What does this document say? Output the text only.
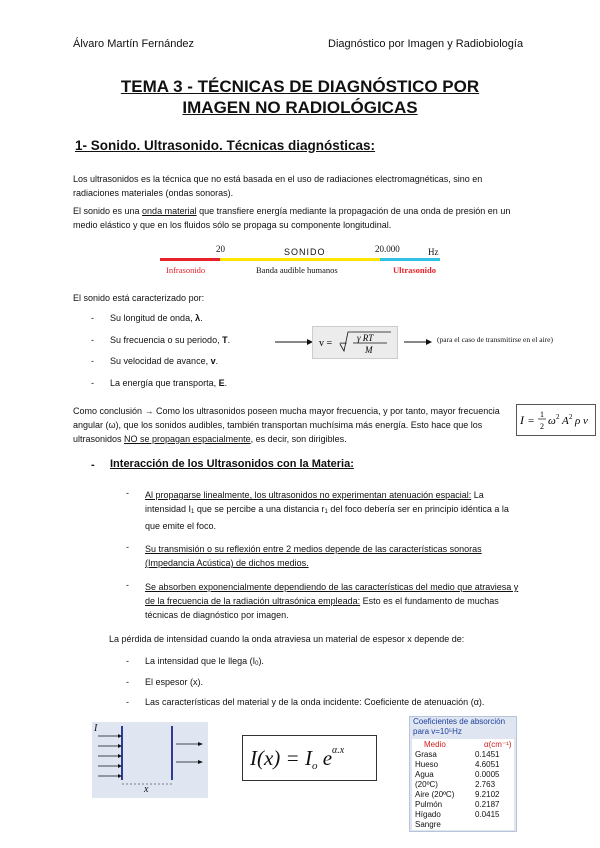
Álvaro Martín Fernández	Diagnóstico por Imagen y Radiobiología
TEMA 3 - TÉCNICAS DE DIAGNÓSTICO POR
IMAGEN NO RADIOLÓGICAS
1- Sonido. Ultrasonido. Técnicas diagnósticas:
Los ultrasonidos es la técnica que no está basada en el uso de radiaciones electromagnéticas, sino en radiaciones materiales (ondas sonoras).
El sonido es una onda material que transfiere energía mediante la propagación de una onda de presión en un medio elástico y que en los fluidos sólo se propaga su componente longitudinal.
20	SONIDO	20.000	Hz
Infrasonido	Banda audible humanos	Ultrasonido
El sonido está caracterizado por:
- Su longitud de onda, λ.
- Su frecuencia o su periodo, T.
- Su velocidad de avance, v.
- La energía que transporta, E.
v = − γ RT
M
(para el caso de transmitirse en el aire)
Como conclusión → Como los ultrasonidos poseen mucha mayor frecuencia, y por tanto, mayor frecuencia angular (ω), que los sonidos audibles, también transportan muchísima más energía. Esto hace que los ultrasonidos NO se propagan espacialmente, es decir, son dirigibles.
I =
1
2 ω 2 A 2 ρ v
- Interacción de los Ultrasonidos con la Materia:
- Al propagarse linealmente, los ultrasonidos no experimentan atenuación espacial: La intensidad I1 que se percibe a una distancia r1 del foco debería ser en principio idéntica a la que emite el foco.
- Su transmisión o su reflexión entre 2 medios depende de las características sonoras (Impedancia Acústica) de dichos medios.
- Se absorben exponencialmente dependiendo de las características del medio que atraviesa y de la frecuencia de la radiación ultrasónica empleada: Esto es el fundamento de muchas técnicas de diagnóstico por imagen.
La pérdida de intensidad cuando la onda atraviesa un material de espesor x depende de:
- La intensidad que le llega (I0).
- El espesor (x).
- Las características del material y de la onda incidente: Coeficiente de atenuación (α).
I
x
I(x) = Io $e^{\alpha.x}$
Coeficientes de absorción
para v=10⁵Hz
Medio	α(cm⁻¹)
Grasa	0.1451
Hueso	4.6051
Agua	0.0005
(20ºC)	2.763
Aire (20ºC)	9.2102
Pulmón	0.2187
Hígado	0.0415
Sangre
